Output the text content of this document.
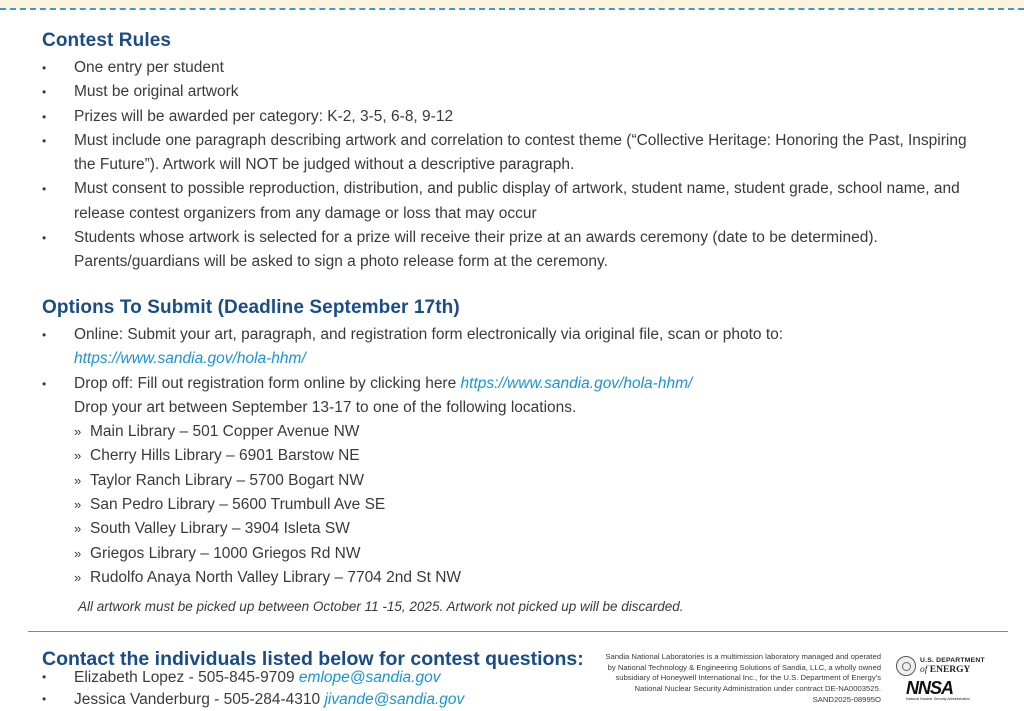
Contest Rules
• One entry per student
• Must be original artwork
• Prizes will be awarded per category: K-2, 3-5, 6-8, 9-12
• Must include one paragraph describing artwork and correlation to contest theme (“Collective Heritage: Honoring the Past, Inspiring the Future”). Artwork will NOT be judged without a descriptive paragraph.
• Must consent to possible reproduction, distribution, and public display of artwork, student name, student grade, school name, and release contest organizers from any damage or loss that may occur
• Students whose artwork is selected for a prize will receive their prize at an awards ceremony (date to be determined). Parents/guardians will be asked to sign a photo release form at the ceremony.
Options To Submit (Deadline September 17th)
• Online: Submit your art, paragraph, and registration form electronically via original file, scan or photo to:
https://www.sandia.gov/hola-hhm/
• Drop off: Fill out registration form online by clicking here https://www.sandia.gov/hola-hhm/
Drop your art between September 13-17 to one of the following locations.
» Main Library – 501 Copper Avenue NW
» Cherry Hills Library – 6901 Barstow NE
» Taylor Ranch Library – 5700 Bogart NW
» San Pedro Library – 5600 Trumbull Ave SE
» South Valley Library – 3904 Isleta SW
» Griegos Library – 1000 Griegos Rd NW
» Rudolfo Anaya North Valley Library – 7704 2nd St NW
All artwork must be picked up between October 11 -15, 2025. Artwork not picked up will be discarded.
Contact the individuals listed below for contest questions:
• Elizabeth Lopez - 505-845-9709 emlope@sandia.gov
• Jessica Vanderburg - 505-284-4310 jivande@sandia.gov
Sandia National Laboratories is a multimission laboratory managed and operated by National Technology & Engineering Solutions of Sandia, LLC, a wholly owned subsidiary of Honeywell International Inc., for the U.S. Department of Energy's National Nuclear Security Administration under contract DE-NA0003525. SAND2025-08995O
U.S. DEPARTMENT
of ENERGY
NNSA
National Nuclear Security Administration
